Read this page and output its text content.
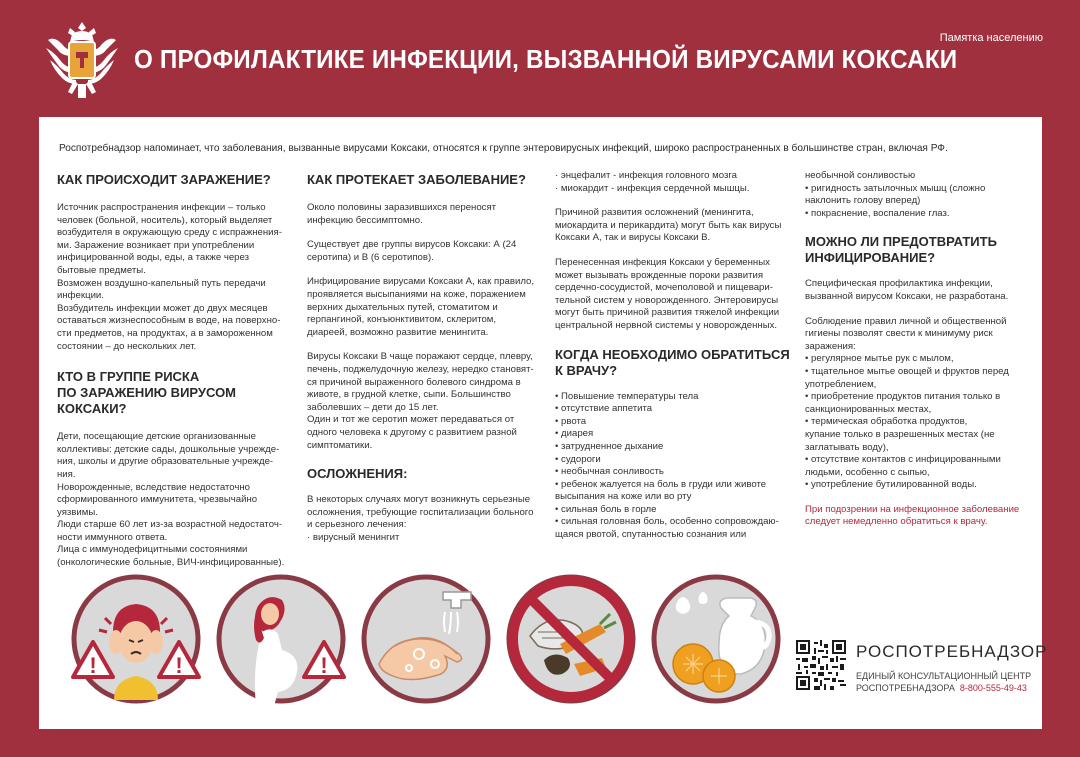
О ПРОФИЛАКТИКЕ ИНФЕКЦИИ, ВЫЗВАННОЙ ВИРУСАМИ КОКСАКИ
Памятка населению
Роспотребнадзор напоминает, что заболевания, вызванные вирусами Коксаки, относятся к группе энтеровирусных инфекций, широко распространенных в большинстве стран, включая РФ.
КАК ПРОИСХОДИТ ЗАРАЖЕНИЕ?

Источник распространения инфекции – только
человек (больной, носитель), который выделяет
возбудителя в окружающую среду с испражнения-
ми. Заражение возникает при употреблении
инфицированной воды, еды, а также через
бытовые предметы.
Возможен воздушно-капельный путь передачи
инфекции.
Возбудитель инфекции может до двух месяцев
оставаться жизнеспособным в воде, на поверхно-
сти предметов, на продуктах, а в замороженном
состоянии – до нескольких лет.

КТО В ГРУППЕ РИСКА
ПО ЗАРАЖЕНИЮ ВИРУСОМ КОКСАКИ?

Дети, посещающие детские организованные
коллективы: детские сады, дошкольные учрежде-
ния, школы и другие образовательные учрежде-
ния.
Новорожденные, вследствие недостаточно
сформированного иммунитета, чрезвычайно
уязвимы.
Люди старше 60 лет из-за возрастной недостаточ-
ности иммунного ответа.
Лица с иммунодефицитными состояниями
(онкологические больные, ВИЧ-инфицированные).

КАК ПРОТЕКАЕТ ЗАБОЛЕВАНИЕ?

Около половины заразившихся переносят
инфекцию бессимптомно.

Существует две группы вирусов Коксаки: А (24
серотипа) и В (6 серотипов).

Инфицирование вирусами Коксаки А, как правило,
проявляется высыпаниями на коже, поражением
верхних дыхательных путей, стоматитом и
герпангиной, конъюнктивитом, склеритом,
диареей, возможно развитие менингита.

Вирусы Коксаки В чаще поражают сердце, плевру,
печень, поджелудочную железу, нередко становят-
ся причиной выраженного болевого синдрома в
животе, в грудной клетке, сыпи. Большинство
заболевших – дети до 15 лет.
Один и тот же серотип может передаваться от
одного человека к другому с развитием разной
симптоматики.

ОСЛОЖНЕНИЯ:

В некоторых случаях могут возникнуть серьезные
осложнения, требующие госпитализации больного
и серьезного лечения:
· вирусный менингит

· энцефалит - инфекция головного мозга
· миокардит - инфекция сердечной мышцы.

Причиной развития осложнений (менингита,
миокардита и перикардита) могут быть как вирусы
Коксаки А, так и вирусы Коксаки В.

Перенесенная инфекция Коксаки у беременных
может вызывать врожденные пороки развития
сердечно-сосудистой, мочеполовой и пищевари-
тельной систем у новорожденного. Энтеровирусы
могут быть причиной развития тяжелой инфекции
центральной нервной системы у новорожденных.

КОГДА НЕОБХОДИМО ОБРАТИТЬСЯ
К ВРАЧУ?

• Повышение температуры тела
• отсутствие аппетита
• рвота
• диарея
• затрудненное дыхание
• судороги
• необычная сонливость
• ребенок жалуется на боль в груди или животе
высыпания на коже или во рту
• сильная боль в горле
• сильная головная боль, особенно сопровождаю-
щаяся рвотой, спутанностью сознания или

необычной сонливостью
• ригидность затылочных мышц (сложно
наклонить голову вперед)
• покраснение, воспаление глаз.

МОЖНО ЛИ ПРЕДОТВРАТИТЬ
ИНФИЦИРОВАНИЕ?

Специфическая профилактика инфекции,
вызванной вирусом Коксаки, не разработана.

Соблюдение правил личной и общественной
гигиены позволят свести к минимуму риск
заражения:
• регулярное мытье рук с мылом,
• тщательное мытье овощей и фруктов перед
употреблением,
• приобретение продуктов питания только в
санкционированных местах,
• термическая обработка продуктов,
купание только в разрешенных местах (не
заглатывать воду),
• отсутствие контактов с инфицированными
людьми, особенно с сыпью,
• употребление бутилированной воды.

При подозрении на инфекционное заболевание
следует немедленно обратиться к врачу.

!	!	!
РОСПОТРЕБНАДЗОР
ЕДИНЫЙ КОНСУЛЬТАЦИОННЫЙ ЦЕНТР
РОСПОТРЕБНАДЗОРА 8-800-555-49-43
